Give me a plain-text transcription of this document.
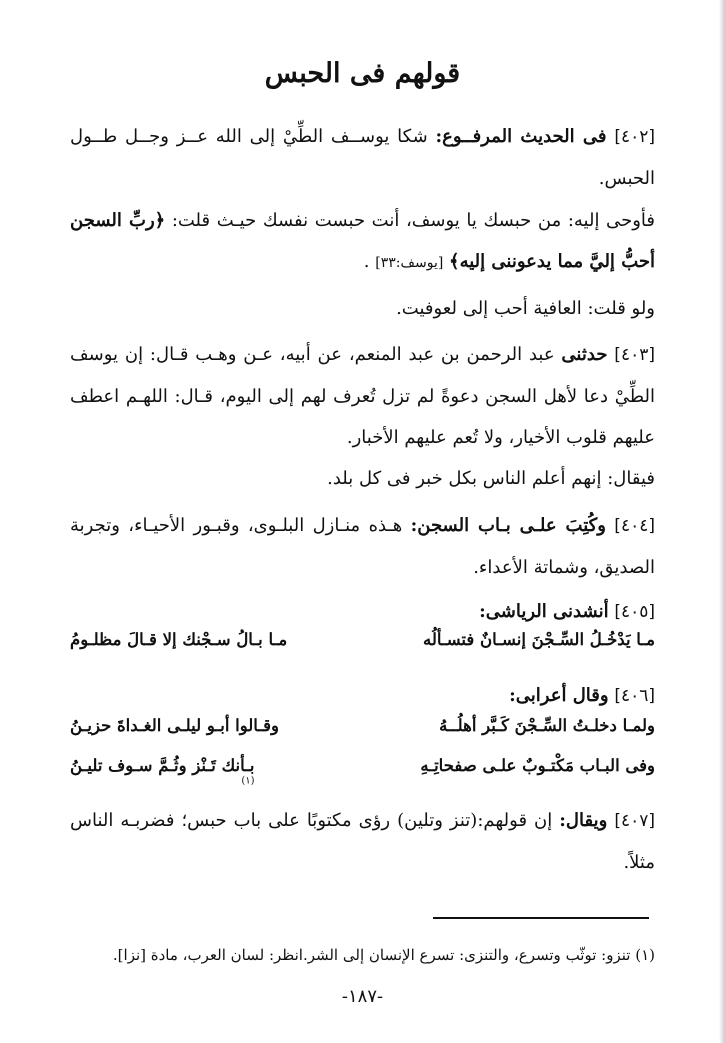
قولهم فى الحبس
[٤٠٢] فى الحديث المرفــوع: شكا يوســف الطِّيْ إلى الله عــز وجــل طــول الحبس.
فأوحى إليه: من حبسك يا يوسف، أنت حبست نفسك حيـث قلت: ﴿ربِّ السجن أحبُّ إليَّ مما يدعوننى إليه﴾ [يوسف:٣٣] .
ولو قلت: العافية أحب إلى لعوفيت.
[٤٠٣] حدثنى عبد الرحمن بن عبد المنعم، عن أبيه، عـن وهـب قـال: إن يوسف الطِّيْ دعا لأهل السجن دعوةً لم تزل تُعرف لهم إلى اليوم، قـال: اللهـم اعطف عليهم قلوب الأخيار، ولا تُعم عليهم الأخبار.
فيقال: إنهم أعلم الناس بكل خبر فى كل بلد.
[٤٠٤] وكُتِبَ علـى بـاب السجن: هـذه منـازل البلـوى، وقبـور الأحيـاء، وتجربة الصديق، وشماتة الأعداء.
[٤٠٥] أنشدنى الرياشى:
مـا يَدْخُـلُ السِّـجْنَ إنسـانٌ فتسـألُه
مـا بـالُ سـجْنك إلا قـالَ مظلـومُ
[٤٠٦] وقال أعرابى:
ولمـا دخلـتُ السِّـجْنَ كَـبَّر أهلُــهُ
وقـالوا أبـو ليلـى الغـداةَ حزيـنُ
وفى البـاب مَكْتـوبٌ علـى صفحاتِـهِ
بـأنك تَـنْز وثُـمَّ سـوف تليـنُ
$^{(١)}$
[٤٠٧] ويقال: إن قولهم:(تنز وتلين) رؤى مكتوبًا على باب حبس؛ فضربـه الناس مثلاً.
(١) تنزو: توثّب وتسرع، والتنزى: تسرع الإنسان إلى الشر.انظر: لسان العرب، مادة [نزا].
-١٨٧-
